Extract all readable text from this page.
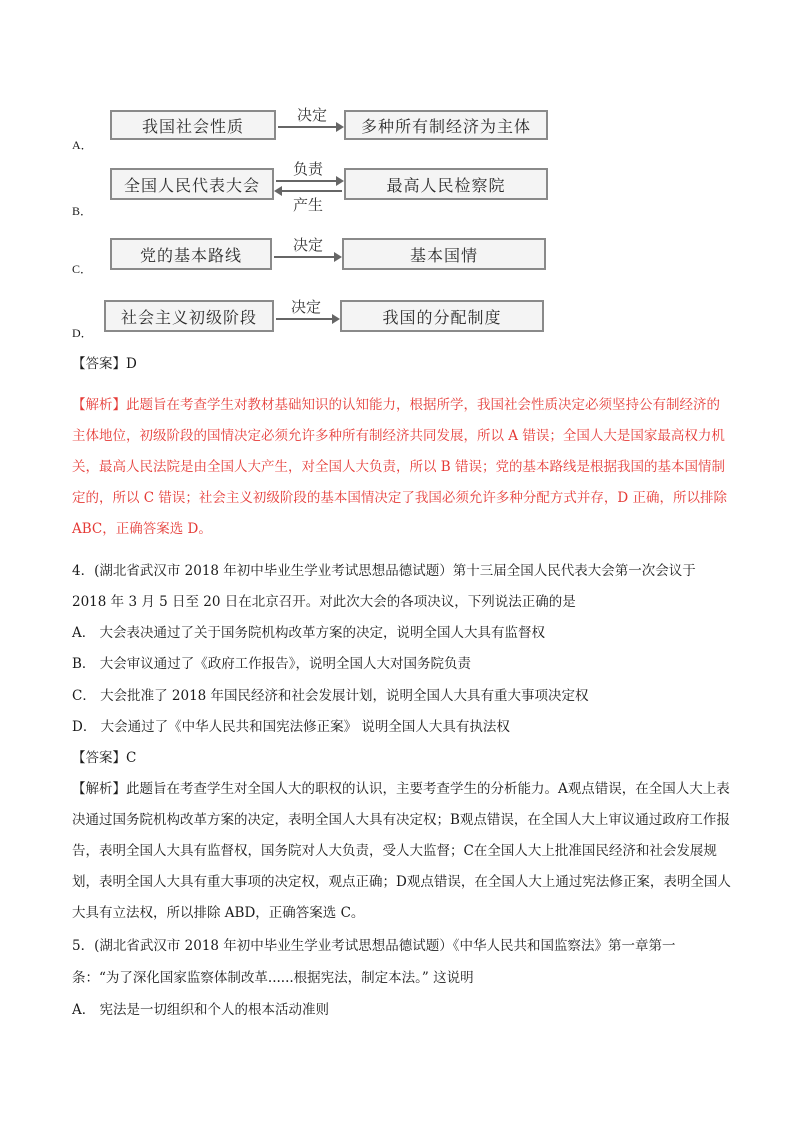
A．
我国社会性质
决定
多种所有制经济为主体
B．
全国人民代表大会
负责
产生
最高人民检察院
C．
党的基本路线
决定
基本国情
D．
社会主义初级阶段
决定
我国的分配制度
【答案】D
【解析】此题旨在考查学生对教材基础知识的认知能力，根据所学，我国社会性质决定必须坚持公有制经济的主体地位，初级阶段的国情决定必须允许多种所有制经济共同发展，所以 A 错误；全国人大是国家最高权力机关，最高人民法院是由全国人大产生，对全国人大负责，所以 B 错误；党的基本路线是根据我国的基本国情制定的，所以 C 错误；社会主义初级阶段的基本国情决定了我国必须允许多种分配方式并存，D 正确，所以排除 ABC，正确答案选 D。
4．(湖北省武汉市 2018 年初中毕业生学业考试思想品德试题）第十三届全国人民代表大会第一次会议于
2018 年 3 月 5 日至 20 日在北京召开。对此次大会的各项决议，下列说法正确的是
A． 大会表决通过了关于国务院机构改革方案的决定，说明全国人大具有监督权
B． 大会审议通过了《政府工作报告》，说明全国人大对国务院负责
C． 大会批准了 2018 年国民经济和社会发展计划，说明全国人大具有重大事项决定权
D． 大会通过了《中华人民共和国宪法修正案》 说明全国人大具有执法权
【答案】C
【解析】此题旨在考查学生对全国人大的职权的认识，主要考查学生的分析能力。A观点错误，在全国人大上表决通过国务院机构改革方案的决定，表明全国人大具有决定权；B观点错误，在全国人大上审议通过政府工作报告，表明全国人大具有监督权，国务院对人大负责，受人大监督；C在全国人大上批准国民经济和社会发展规划，表明全国人大具有重大事项的决定权，观点正确；D观点错误，在全国人大上通过宪法修正案，表明全国人大具有立法权，所以排除 ABD，正确答案选 C。
5．(湖北省武汉市 2018 年初中毕业生学业考试思想品德试题）《中华人民共和国监察法》第一章第一
条：“为了深化国家监察体制改革......根据宪法，制定本法。” 这说明
A． 宪法是一切组织和个人的根本活动准则
